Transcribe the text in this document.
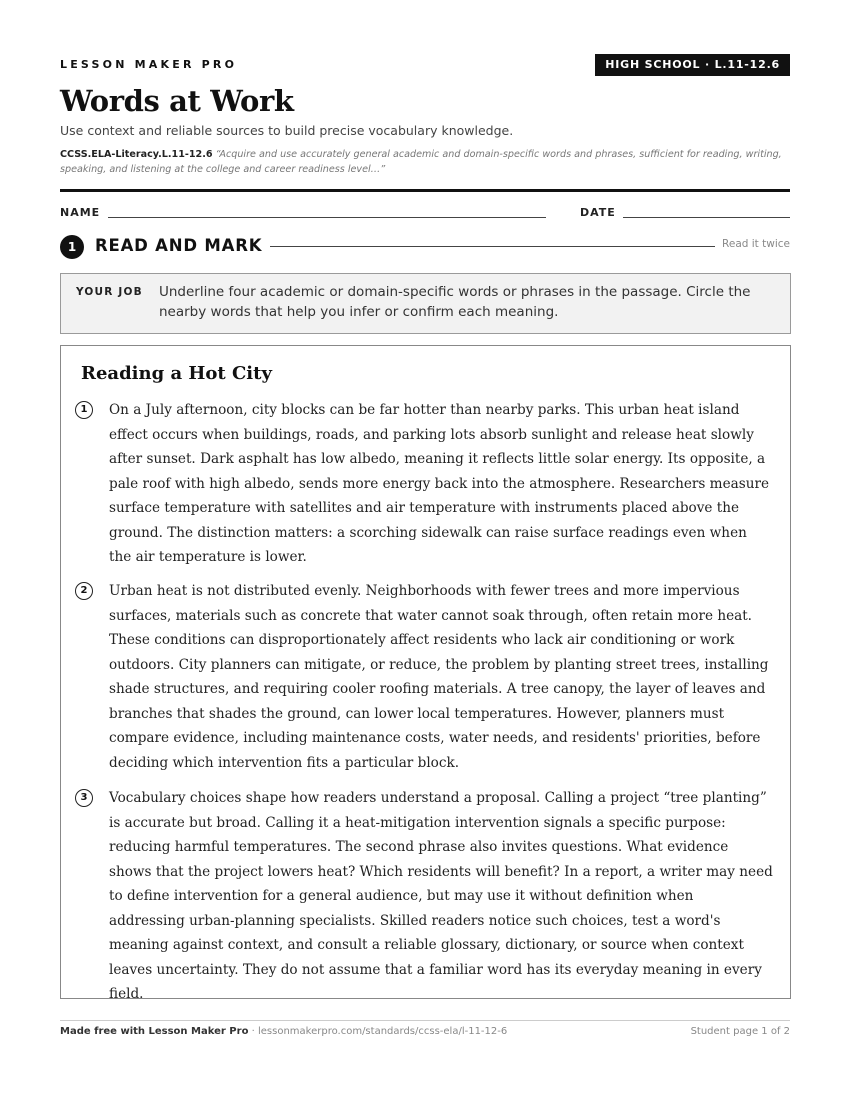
LESSON MAKER PRO	HIGH SCHOOL · L.11-12.6
Words at Work
Use context and reliable sources to build precise vocabulary knowledge.
CCSS.ELA-Literacy.L.11-12.6 “Acquire and use accurately general academic and domain-specific words and phrases, sufficient for reading, writing, speaking, and listening at the college and career readiness level…”
NAME	DATE
1	READ AND MARK	Read it twice
YOUR JOB Underline four academic or domain-specific words or phrases in the passage. Circle the nearby words that help you infer or confirm each meaning.
Reading a Hot City
1	On a July afternoon, city blocks can be far hotter than nearby parks. This urban heat island effect occurs when buildings, roads, and parking lots absorb sunlight and release heat slowly after sunset. Dark asphalt has low albedo, meaning it reflects little solar energy. Its opposite, a pale roof with high albedo, sends more energy back into the atmosphere. Researchers measure surface temperature with satellites and air temperature with instruments placed above the ground. The distinction matters: a scorching sidewalk can raise surface readings even when the air temperature is lower.

2	Urban heat is not distributed evenly. Neighborhoods with fewer trees and more impervious surfaces, materials such as concrete that water cannot soak through, often retain more heat. These conditions can disproportionately affect residents who lack air conditioning or work outdoors. City planners can mitigate, or reduce, the problem by planting street trees, installing shade structures, and requiring cooler roofing materials. A tree canopy, the layer of leaves and branches that shades the ground, can lower local temperatures. However, planners must compare evidence, including maintenance costs, water needs, and residents' priorities, before deciding which intervention fits a particular block.

3	Vocabulary choices shape how readers understand a proposal. Calling a project “tree planting” is accurate but broad. Calling it a heat-mitigation intervention signals a specific purpose: reducing harmful temperatures. The second phrase also invites questions. What evidence shows that the project lowers heat? Which residents will benefit? In a report, a writer may need to define intervention for a general audience, but may use it without definition when addressing urban-planning specialists. Skilled readers notice such choices, test a word's meaning against context, and consult a reliable glossary, dictionary, or source when context leaves uncertainty. They do not assume that a familiar word has its everyday meaning in every field.

Made free with Lesson Maker Pro · lessonmakerpro.com/standards/ccss-ela/l-11-12-6	Student page 1 of 2
